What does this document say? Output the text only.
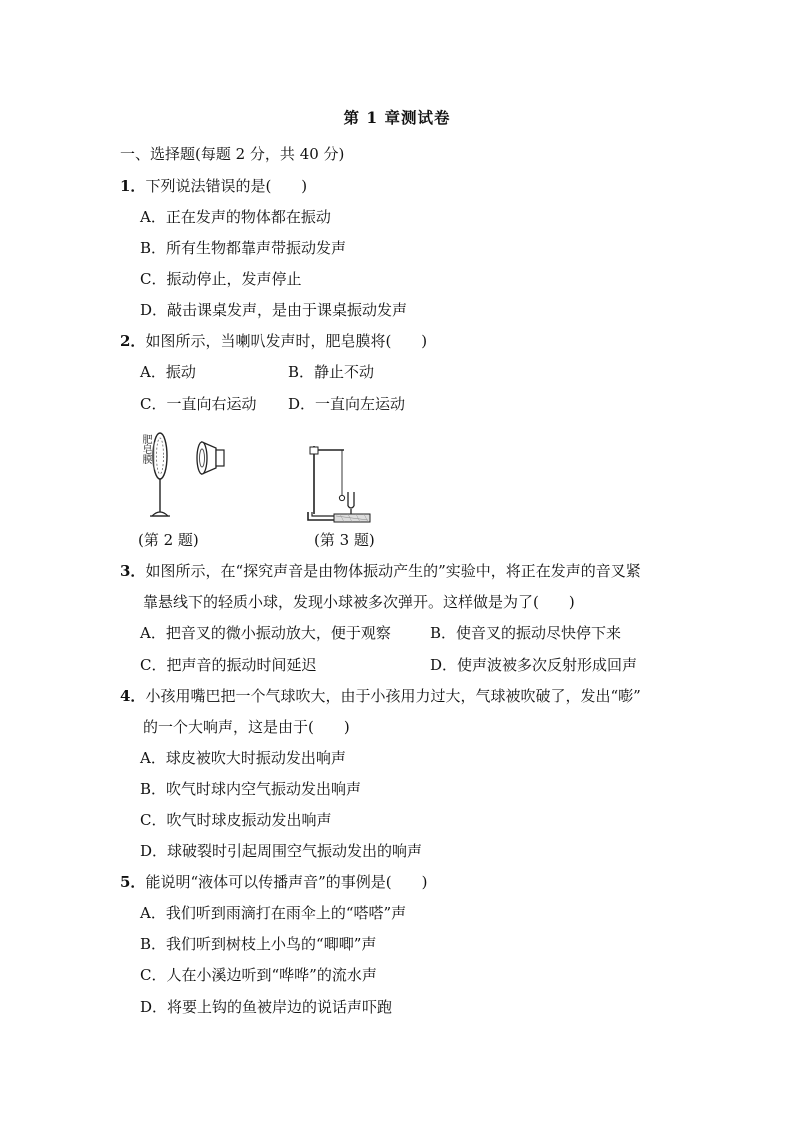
第 1 章测试卷
一、选择题(每题 2 分，共 40 分)
1．下列说法错误的是(　　)
A．正在发声的物体都在振动
B．所有生物都靠声带振动发声
C．振动停止，发声停止
D．敲击课桌发声，是由于课桌振动发声
2．如图所示，当喇叭发声时，肥皂膜将(　　)
A．振动	B．静止不动
C．一直向右运动 D．一直向左运动
肥皂膜
(第 2 题)	(第 3 题)
3．如图所示，在“探究声音是由物体振动产生的”实验中，将正在发声的音叉紧
靠悬线下的轻质小球，发现小球被多次弹开。这样做是为了(　　)
A．把音叉的微小振动放大，便于观察	B．使音叉的振动尽快停下来
C．把声音的振动时间延迟	D．使声波被多次反射形成回声
4．小孩用嘴巴把一个气球吹大，由于小孩用力过大，气球被吹破了，发出“嘭”
的一个大响声，这是由于(　　)
A．球皮被吹大时振动发出响声
B．吹气时球内空气振动发出响声
C．吹气时球皮振动发出响声
D．球破裂时引起周围空气振动发出的响声
5．能说明“液体可以传播声音”的事例是(　　)
A．我们听到雨滴打在雨伞上的“嗒嗒”声
B．我们听到树枝上小鸟的“唧唧”声
C．人在小溪边听到“哗哗”的流水声
D．将要上钩的鱼被岸边的说话声吓跑
